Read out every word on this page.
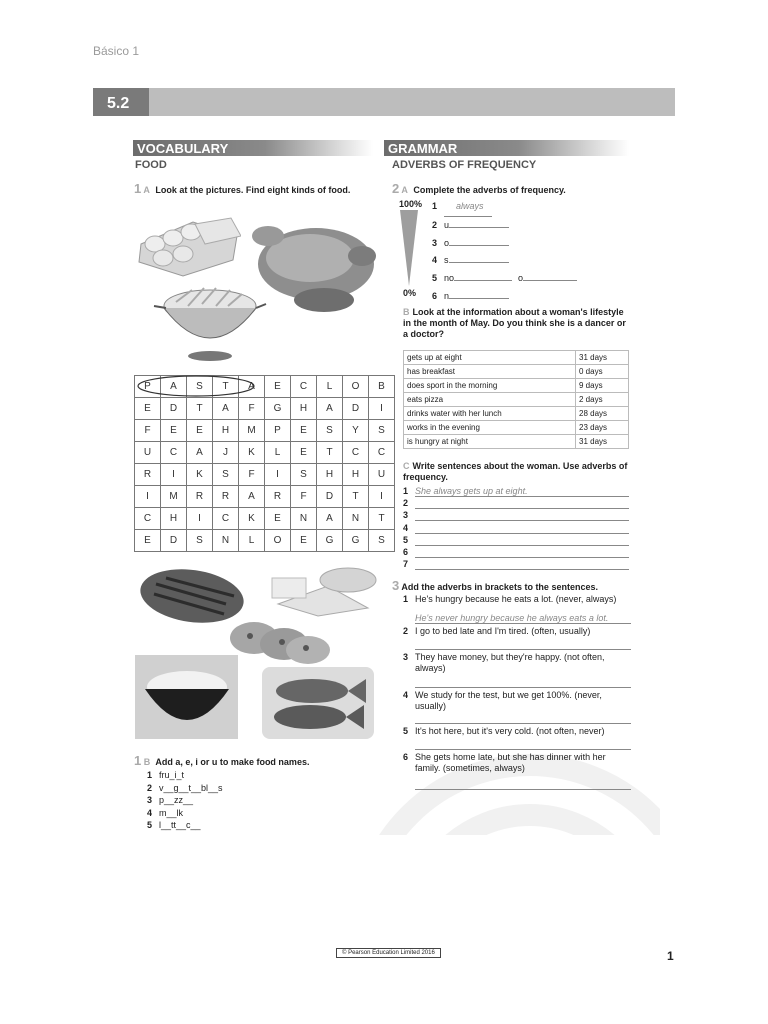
Básico 1
5.2
VOCABULARY
FOOD
1 A Look at the pictures. Find eight kinds of food.
P	A	S	T	A	E	C	L	O	B
E	D	T	A	F	G	H	A	D	I
F	E	E	H	M	P	E	S	Y	S
U	C	A	J	K	L	E	T	C	C
R	I	K	S	F	I	S	H	H	U
I	M	R	R	A	R	F	D	T	I
C	H	I	C	K	E	N	A	N	T
E	D	S	N	L	O	E	G	G	S
1 B Add a, e, i or u to make food names.
1 fru_i_t
2 v__g__t__bl__s
3 p__zz__
4 m__lk
5 l__tt__c__
GRAMMAR
ADVERBS OF FREQUENCY
2 A Complete the adverbs of frequency.
100%
0%
1 always
2 u
3 o
4 s
5 no	o
6 n
B Look at the information about a woman's lifestyle in the month of May. Do you think she is a dancer or a doctor?
gets up at eight	31 days
has breakfast	0 days
does sport in the morning	9 days
eats pizza	2 days
drinks water with her lunch	28 days
works in the evening	23 days
is hungry at night	31 days
C Write sentences about the woman. Use adverbs of frequency.
1 She always gets up at eight.
2
3
4
5
6
7
3 Add the adverbs in brackets to the sentences.
1 He's hungry because he eats a lot. (never, always)
He's never hungry because he always eats a lot.
2 I go to bed late and I'm tired. (often, usually)
3 They have money, but they're happy. (not often, always)
4 We study for the test, but we get 100%. (never, usually)
5 It's hot here, but it's very cold. (not often, never)
6 She gets home late, but she has dinner with her family. (sometimes, always)
© Pearson Education Limited 2016	1
